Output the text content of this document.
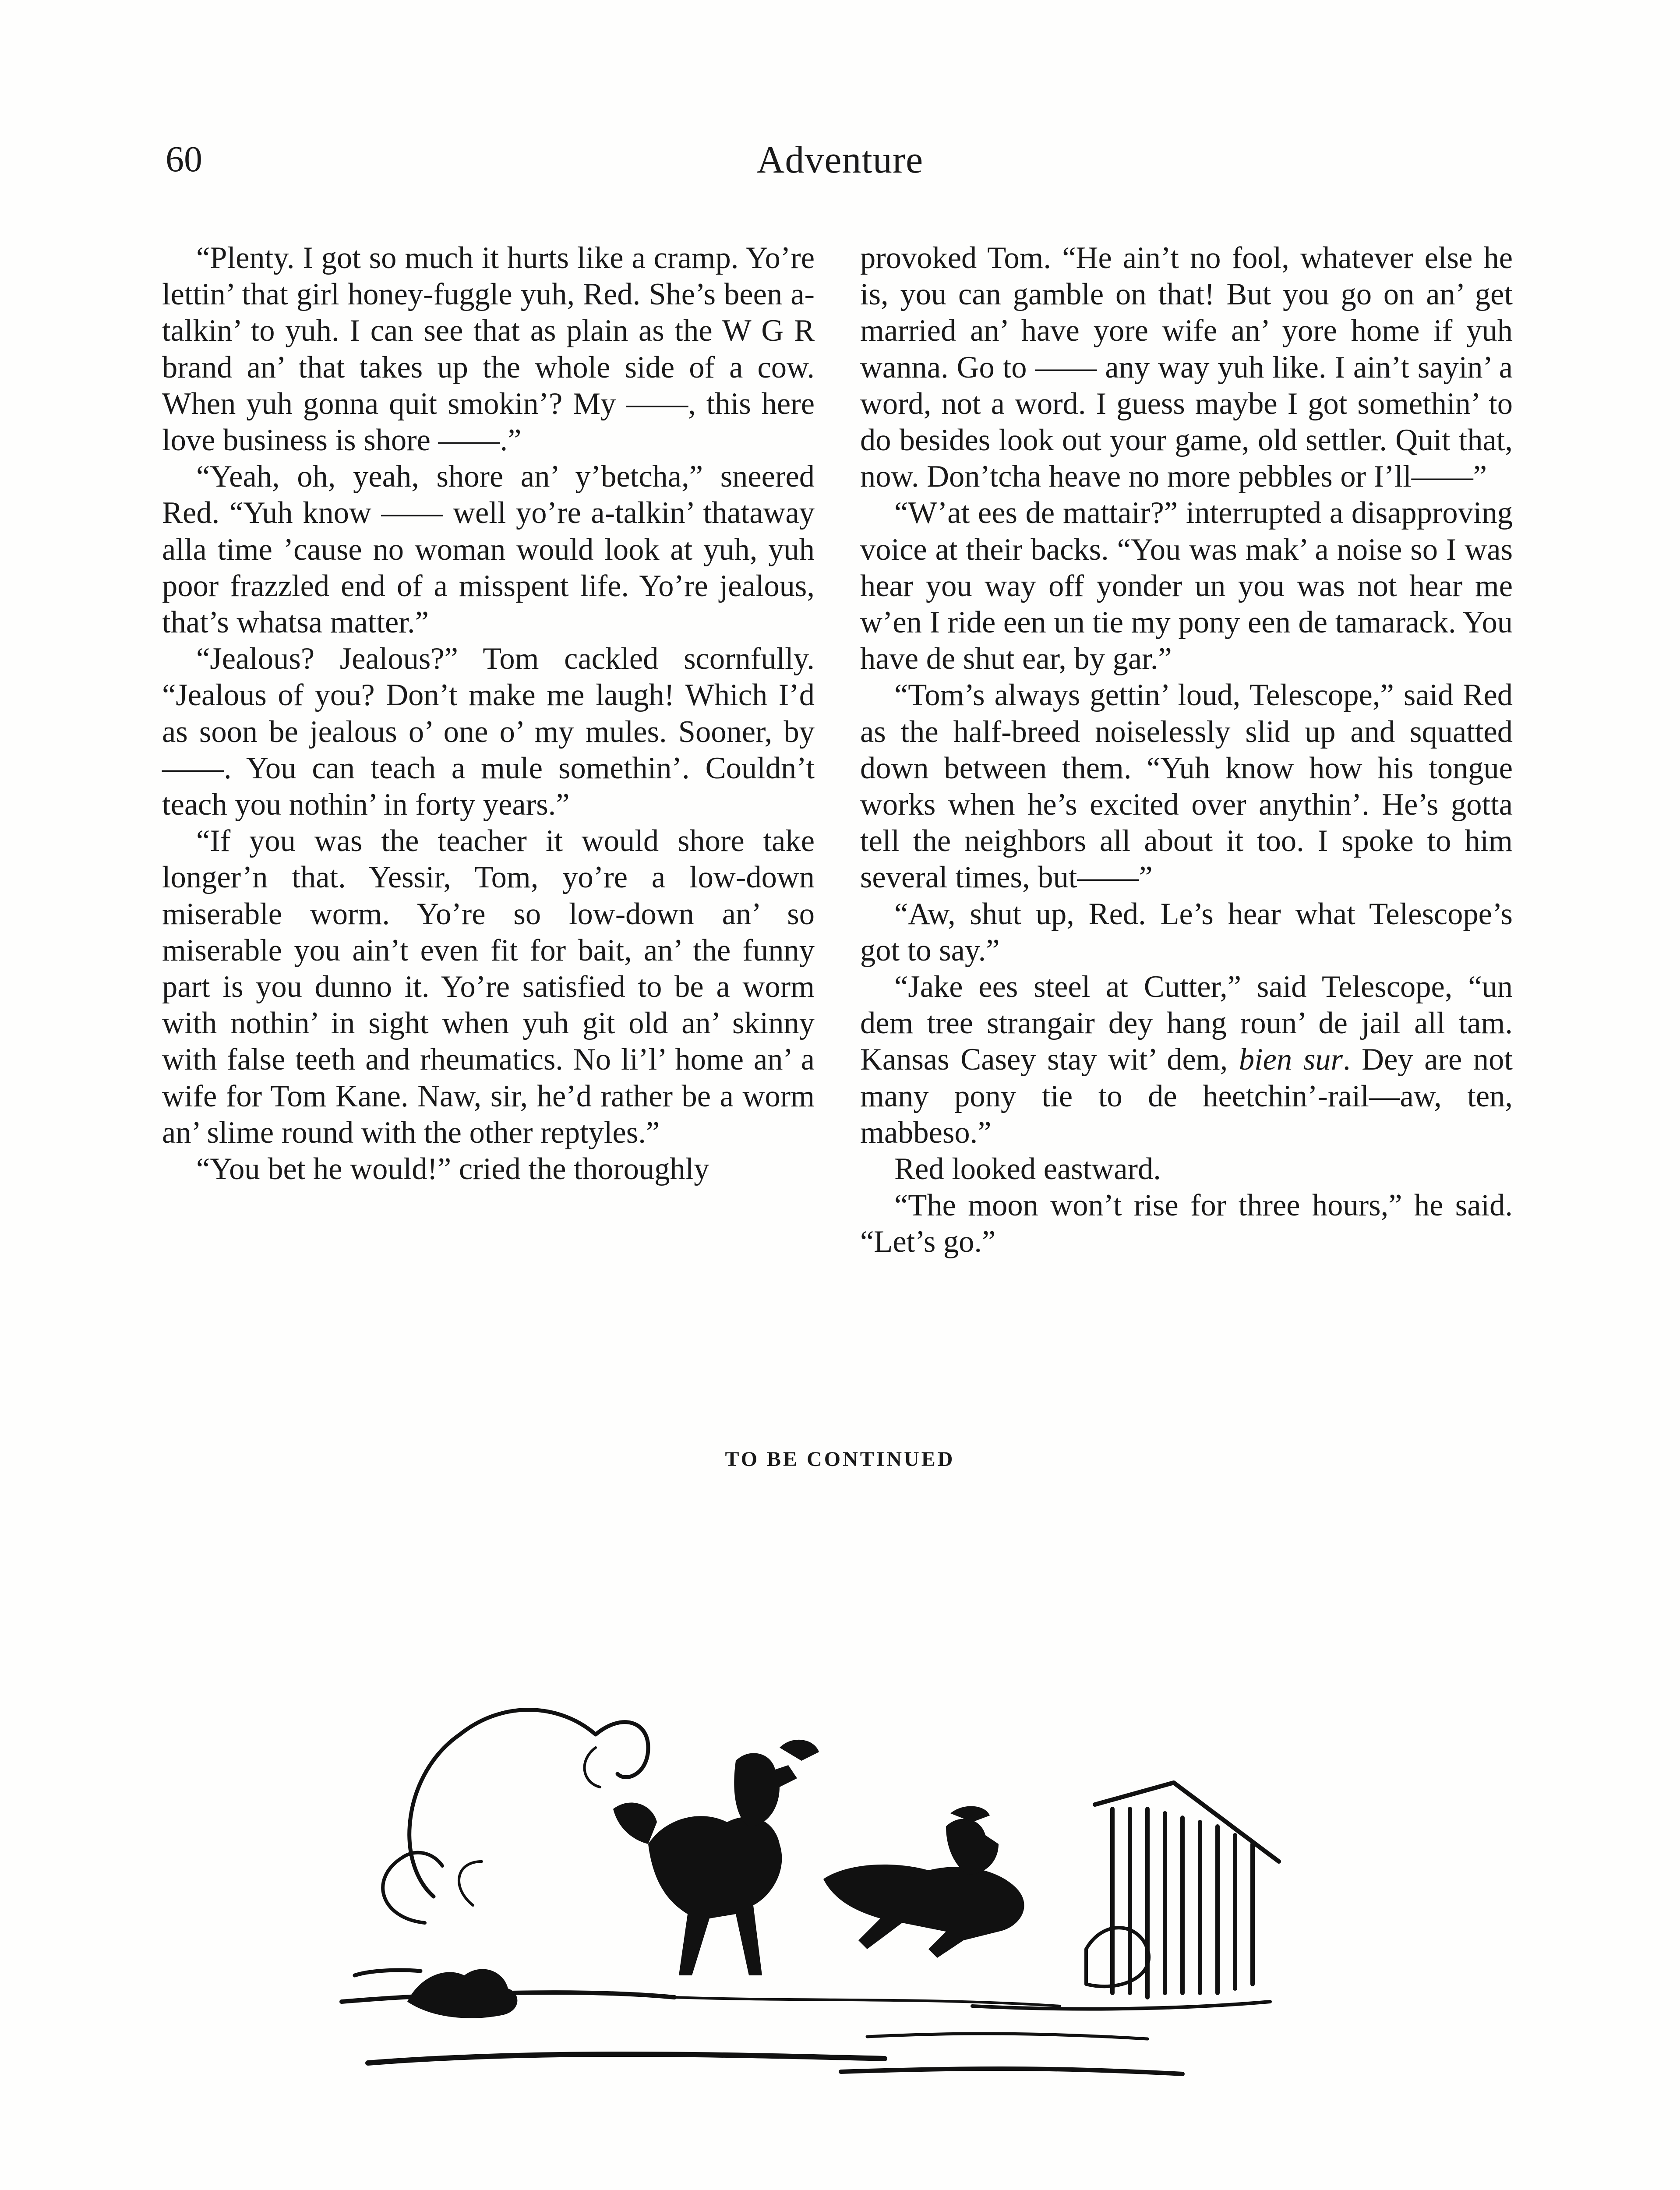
60	Adventure

“Plenty. I got so much it hurts like a cramp. Yo’re lettin’ that girl honey-fuggle yuh, Red. She’s been a-talkin’ to yuh. I can see that as plain as the W G R brand an’ that takes up the whole side of a cow. When yuh gonna quit smokin’? My ——, this here love business is shore ——.”

“Yeah, oh, yeah, shore an’ y’betcha,” sneered Red. “Yuh know —— well yo’re a-talkin’ thataway alla time ’cause no woman would look at yuh, yuh poor frazzled end of a misspent life. Yo’re jealous, that’s whatsa matter.”

“Jealous? Jealous?” Tom cackled scornfully. “Jealous of you? Don’t make me laugh! Which I’d as soon be jealous o’ one o’ my mules. Sooner, by ——. You can teach a mule somethin’. Couldn’t teach you nothin’ in forty years.”

“If you was the teacher it would shore take longer’n that. Yessir, Tom, yo’re a low-down miserable worm. Yo’re so low-down an’ so miserable you ain’t even fit for bait, an’ the funny part is you dunno it. Yo’re satisfied to be a worm with nothin’ in sight when yuh git old an’ skinny with false teeth and rheumatics. No li’l’ home an’ a wife for Tom Kane. Naw, sir, he’d rather be a worm an’ slime round with the other reptyles.”

“You bet he would!” cried the thoroughly

provoked Tom. “He ain’t no fool, whatever else he is, you can gamble on that! But you go on an’ get married an’ have yore wife an’ yore home if yuh wanna. Go to —— any way yuh like. I ain’t sayin’ a word, not a word. I guess maybe I got somethin’ to do besides look out your game, old settler. Quit that, now. Don’tcha heave no more pebbles or I’ll——”

“W’at ees de mattair?” interrupted a disapproving voice at their backs. “You was mak’ a noise so I was hear you way off yonder un you was not hear me w’en I ride een un tie my pony een de tamarack. You have de shut ear, by gar.”

“Tom’s always gettin’ loud, Telescope,” said Red as the half-breed noiselessly slid up and squatted down between them. “Yuh know how his tongue works when he’s excited over anythin’. He’s gotta tell the neighbors all about it too. I spoke to him several times, but——”

“Aw, shut up, Red. Le’s hear what Telescope’s got to say.”

“Jake ees steel at Cutter,” said Telescope, “un dem tree strangair dey hang roun’ de jail all tam. Kansas Casey stay wit’ dem, bien sur. Dey are not many pony tie to de heetchin’-rail—aw, ten, mabbeso.”

Red looked eastward.

“The moon won’t rise for three hours,” he said. “Let’s go.”

TO BE CONTINUED
